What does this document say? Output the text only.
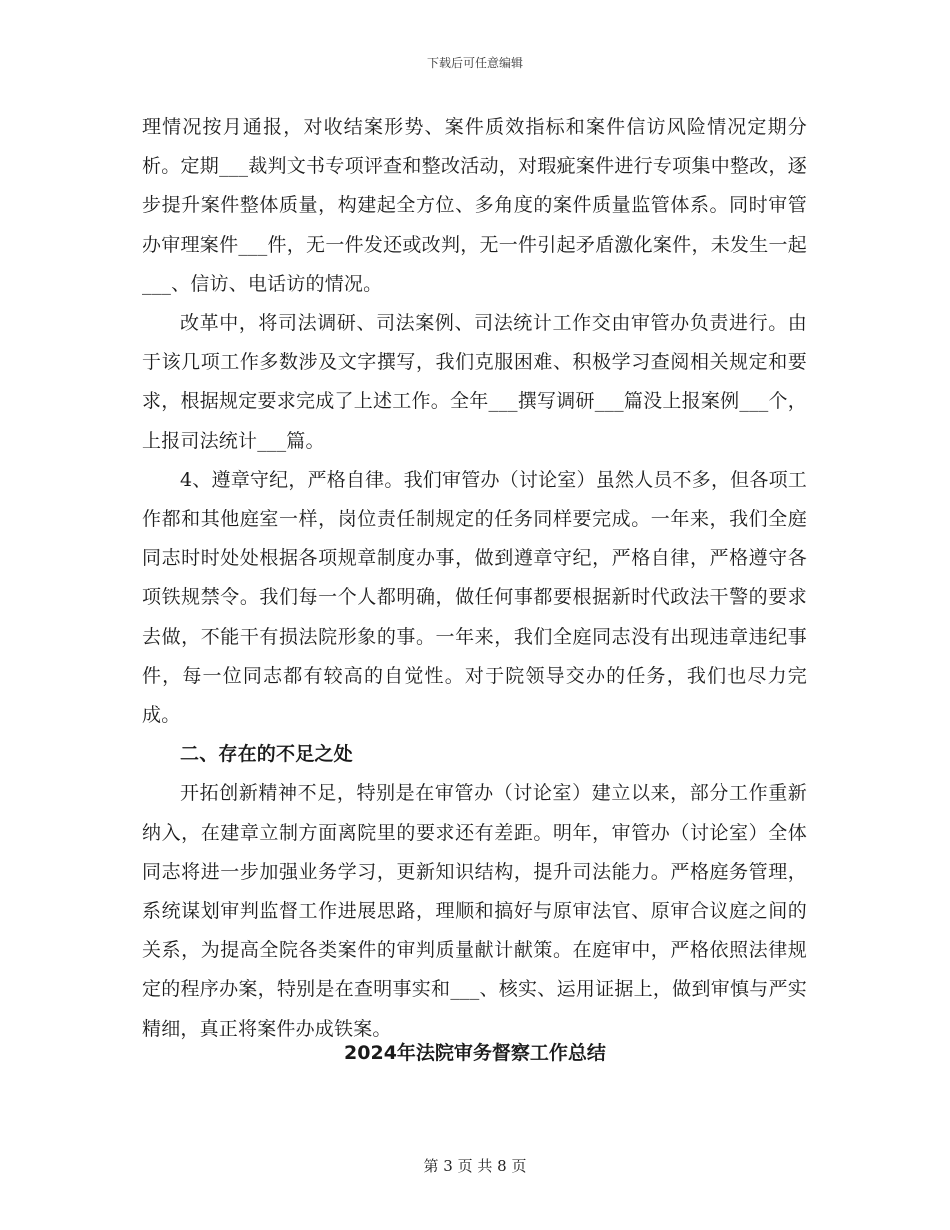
下载后可任意编辑

理情况按月通报，对收结案形势、案件质效指标和案件信访风险情况定期分析。定期___裁判文书专项评查和整改活动，对瑕疵案件进行专项集中整改，逐步提升案件整体质量，构建起全方位、多角度的案件质量监管体系。同时审管办审理案件___件，无一件发还或改判，无一件引起矛盾激化案件，未发生一起___、信访、电话访的情况。

改革中，将司法调研、司法案例、司法统计工作交由审管办负责进行。由于该几项工作多数涉及文字撰写，我们克服困难、积极学习查阅相关规定和要求，根据规定要求完成了上述工作。全年___撰写调研___篇没上报案例___个，上报司法统计___篇。

4、遵章守纪，严格自律。我们审管办（讨论室）虽然人员不多，但各项工作都和其他庭室一样，岗位责任制规定的任务同样要完成。一年来，我们全庭同志时时处处根据各项规章制度办事，做到遵章守纪，严格自律，严格遵守各项铁规禁令。我们每一个人都明确，做任何事都要根据新时代政法干警的要求去做，不能干有损法院形象的事。一年来，我们全庭同志没有出现违章违纪事件，每一位同志都有较高的自觉性。对于院领导交办的任务，我们也尽力完成。

二、存在的不足之处

开拓创新精神不足，特别是在审管办（讨论室）建立以来，部分工作重新纳入，在建章立制方面离院里的要求还有差距。明年，审管办（讨论室）全体同志将进一步加强业务学习，更新知识结构，提升司法能力。严格庭务管理，系统谋划审判监督工作进展思路，理顺和搞好与原审法官、原审合议庭之间的关系，为提高全院各类案件的审判质量献计献策。在庭审中，严格依照法律规定的程序办案，特别是在查明事实和___、核实、运用证据上，做到审慎与严实精细，真正将案件办成铁案。

2024年法院审务督察工作总结
第 3 页 共 8 页
